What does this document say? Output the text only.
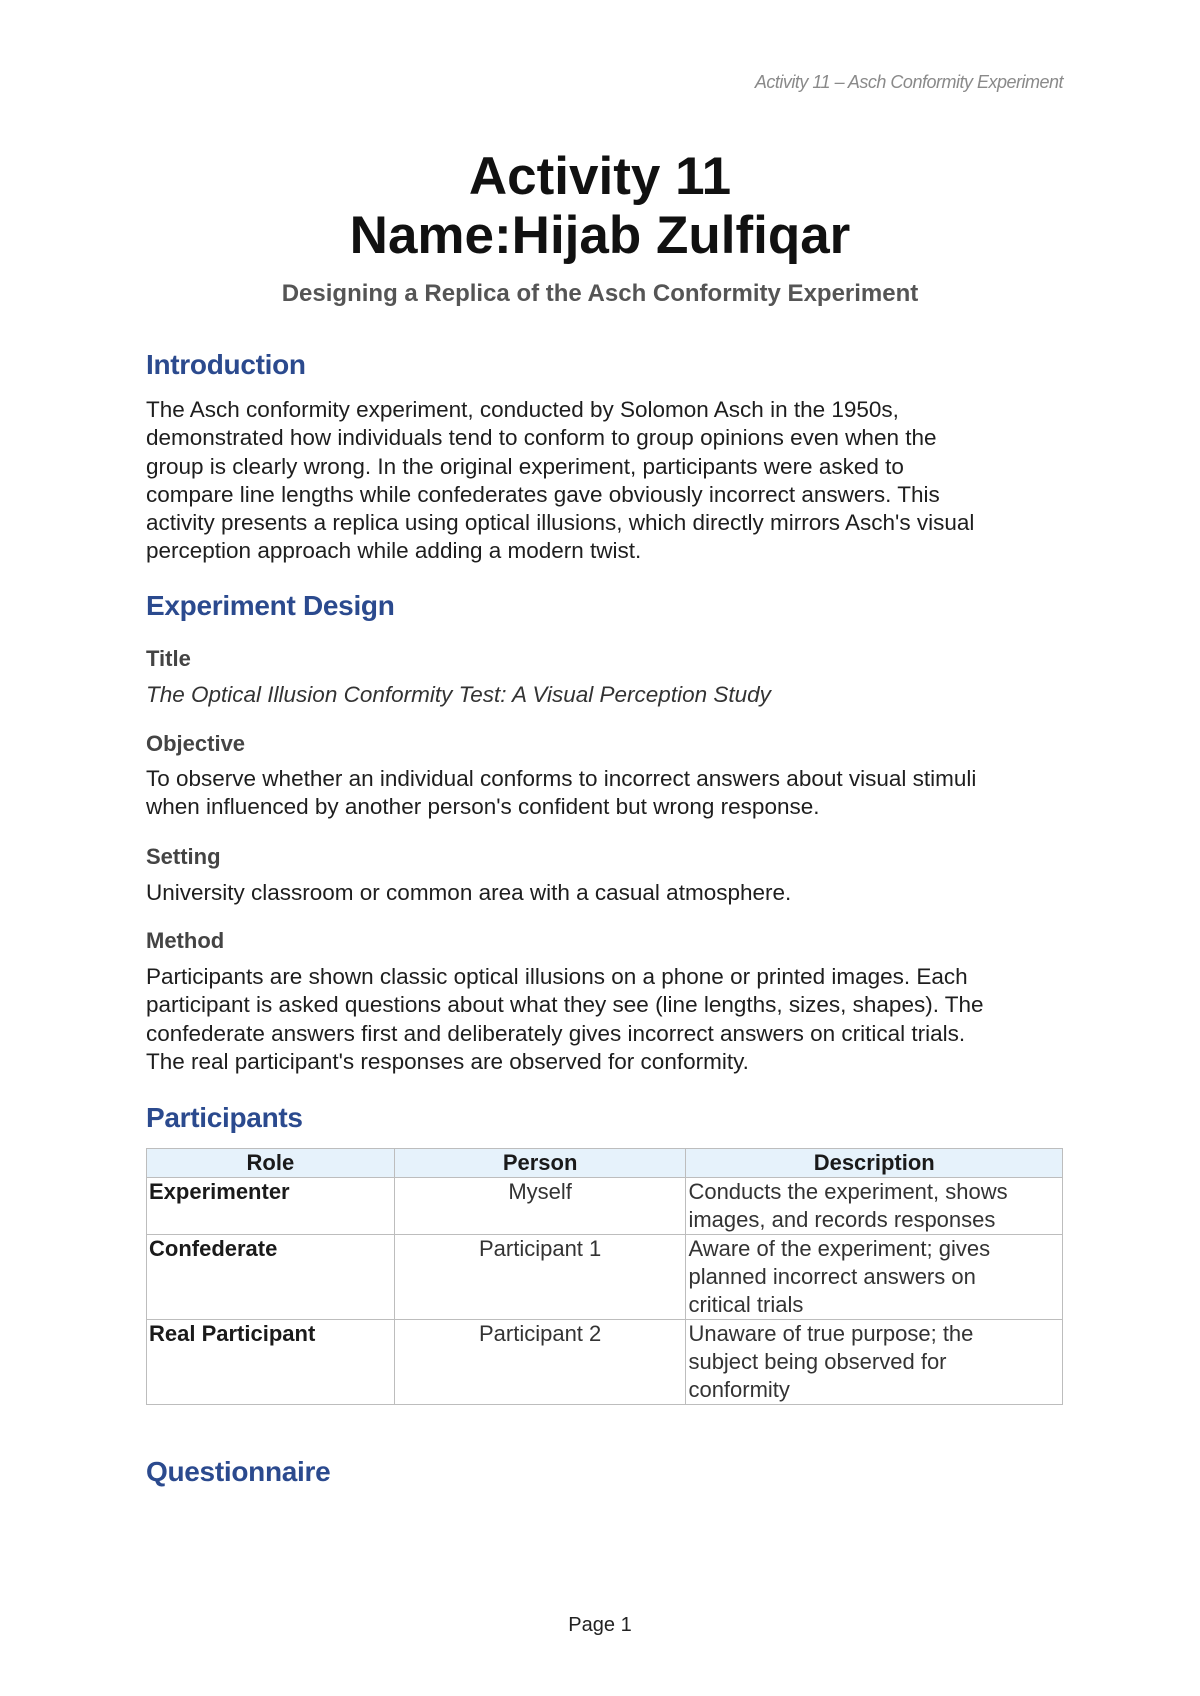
Activity 11 – Asch Conformity Experiment
Activity 11
Name:Hijab Zulfiqar
Designing a Replica of the Asch Conformity Experiment
Introduction
The Asch conformity experiment, conducted by Solomon Asch in the 1950s,
demonstrated how individuals tend to conform to group opinions even when the
group is clearly wrong. In the original experiment, participants were asked to
compare line lengths while confederates gave obviously incorrect answers. This
activity presents a replica using optical illusions, which directly mirrors Asch's visual
perception approach while adding a modern twist.
Experiment Design
Title
The Optical Illusion Conformity Test: A Visual Perception Study
Objective
To observe whether an individual conforms to incorrect answers about visual stimuli
when influenced by another person's confident but wrong response.
Setting
University classroom or common area with a casual atmosphere.
Method
Participants are shown classic optical illusions on a phone or printed images. Each
participant is asked questions about what they see (line lengths, sizes, shapes). The
confederate answers first and deliberately gives incorrect answers on critical trials.
The real participant's responses are observed for conformity.
Participants
Role	Person	Description
Experimenter	Myself	Conducts the experiment, shows
images, and records responses

Confederate	Participant 1	Aware of the experiment; gives
planned incorrect answers on
critical trials

Real Participant	Participant 2	Unaware of true purpose; the
subject being observed for
conformity
Questionnaire
Page 1
